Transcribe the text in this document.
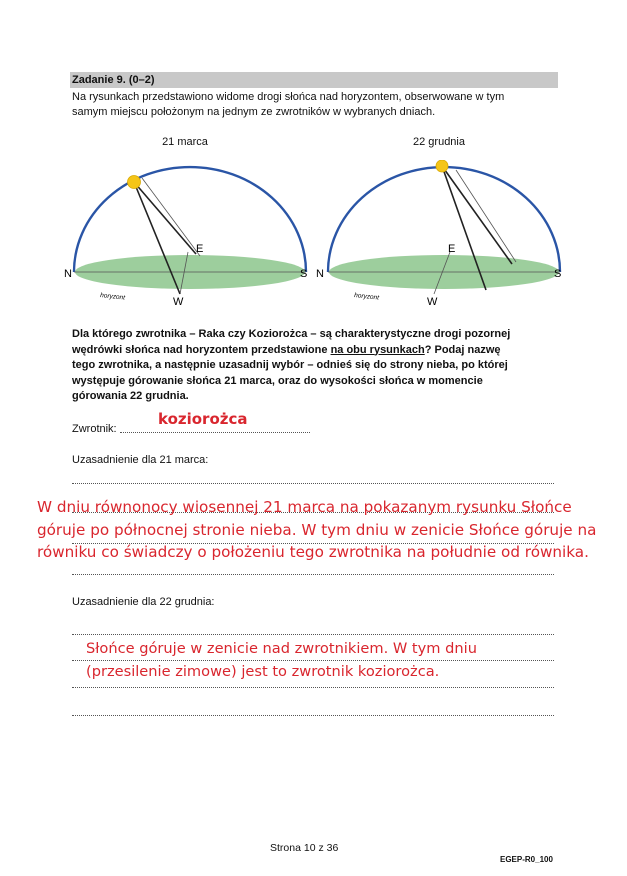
Zadanie 9. (0–2)
Na rysunkach przedstawiono widome drogi słońca nad horyzontem, obserwowane w tym
samym miejscu położonym na jednym ze zwrotników w wybranych dniach.
21 marca
N	S
E
W
horyzont
22 grudnia
N	S
E
W
horyzont
Dla którego zwrotnika – Raka czy Koziorożca – są charakterystyczne drogi pozornej
wędrówki słońca nad horyzontem przedstawione na obu rysunkach? Podaj nazwę
tego zwrotnika, a następnie uzasadnij wybór – odnieś się do strony nieba, po której
występuje górowanie słońca 21 marca, oraz do wysokości słońca w momencie
górowania 22 grudnia.
Zwrotnik:
koziorożca
Uzasadnienie dla 21 marca:
W dniu równonocy wiosennej 21 marca na pokazanym rysunku Słońce góruje po północnej stronie nieba. W tym dniu w zenicie Słońce góruje na równiku co świadczy o położeniu tego zwrotnika na południe od równika.
Uzasadnienie dla 22 grudnia:
Słońce góruje w zenicie nad zwrotnikiem. W tym dniu (przesilenie zimowe) jest to zwrotnik koziorożca.
Strona 10 z 36
EGEP-R0_100
